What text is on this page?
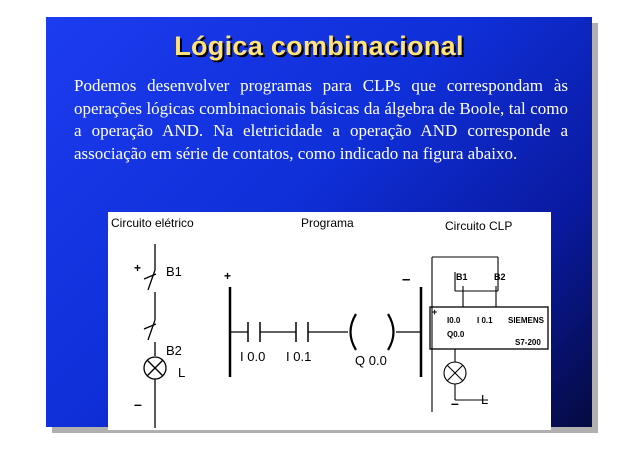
Lógica combinacional

Podemos desenvolver programas para CLPs que correspondam às operações lógicas combinacionais básicas da álgebra de Boole, tal como a operação AND. Na eletricidade a operação AND corresponde a associação em série de contatos, como indicado na figura abaixo.

Circuito elétrico
+ B1
B2
L
–
Programa
+	–
I 0.0 I 0.1	Q 0.0
Circuito CLP
B1	B2
+
I0.0 I 0.1 SIEMENS
Q0.0
S7-200
– L
